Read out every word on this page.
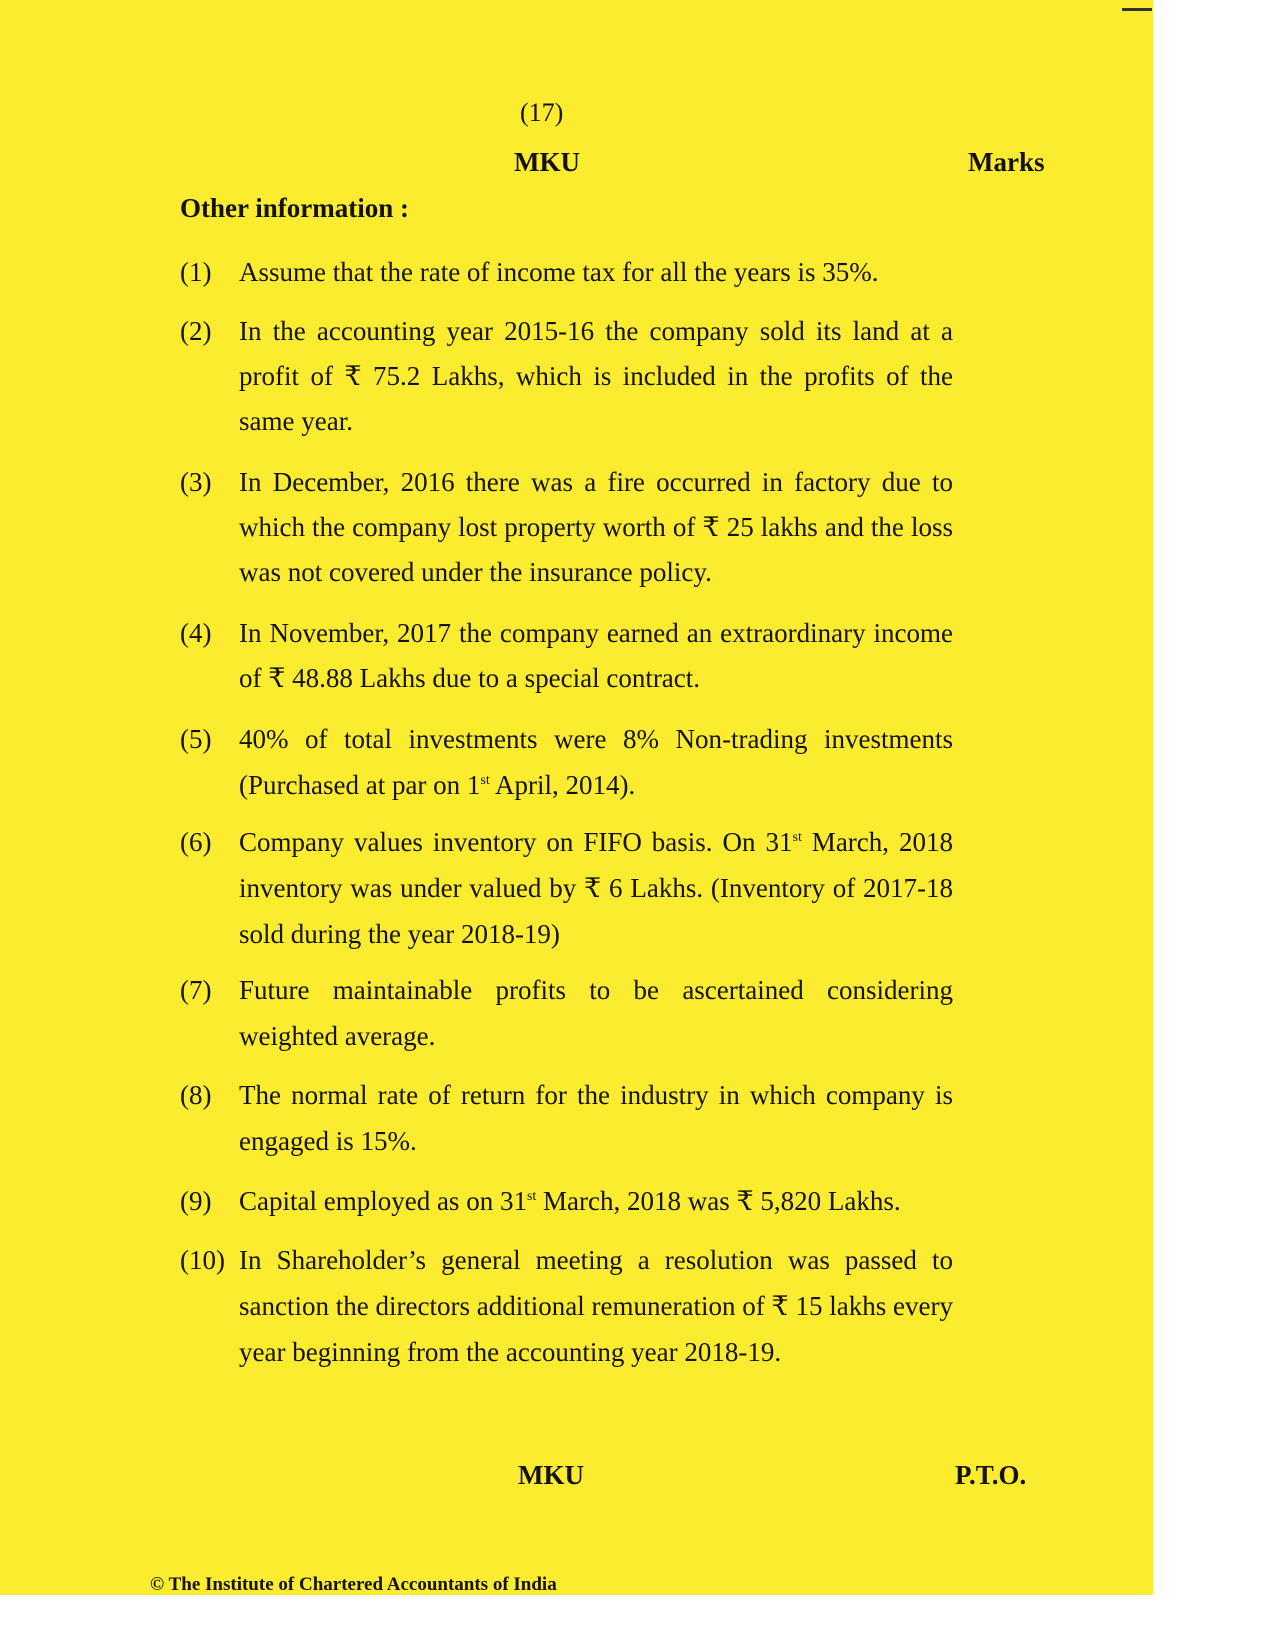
(17)
MKU	Marks
Other information :
(1) Assume that the rate of income tax for all the years is 35%.
(2) In the accounting year 2015-16 the company sold its land at a profit of ₹ 75.2 Lakhs, which is included in the profits of the same year.
(3) In December, 2016 there was a fire occurred in factory due to which the company lost property worth of ₹ 25 lakhs and the loss was not covered under the insurance policy.
(4) In November, 2017 the company earned an extraordinary income of ₹ 48.88 Lakhs due to a special contract.
(5) 40% of total investments were 8% Non-trading investments (Purchased at par on 1st April, 2014).
(6) Company values inventory on FIFO basis. On 31st March, 2018 inventory was under valued by ₹ 6 Lakhs. (Inventory of 2017-18 sold during the year 2018-19)
(7) Future maintainable profits to be ascertained considering weighted average.
(8) The normal rate of return for the industry in which company is engaged is 15%.
(9) Capital employed as on 31st March, 2018 was ₹ 5,820 Lakhs.
(10) In Shareholder’s general meeting a resolution was passed to sanction the directors additional remuneration of ₹ 15 lakhs every year beginning from the accounting year 2018-19.
MKU	P.T.O.
© The Institute of Chartered Accountants of India
